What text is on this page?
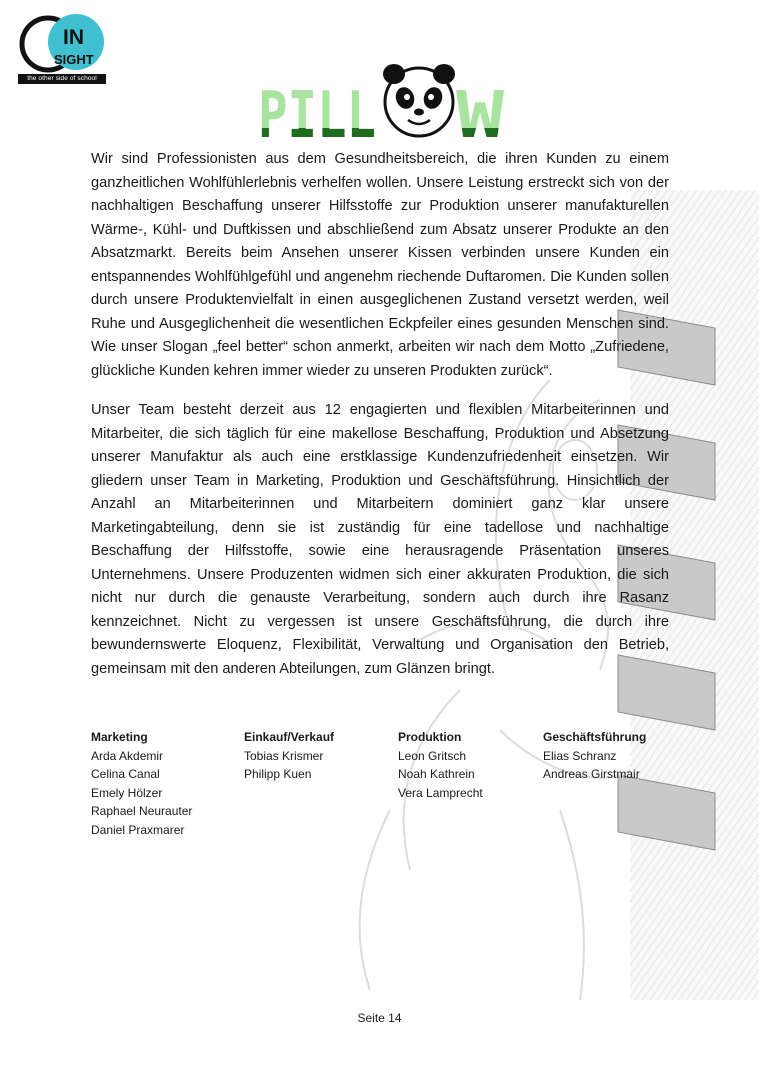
IN
SIGHT
the other side of school
PILL W

Wir sind Professionisten aus dem Gesundheitsbereich, die ihren Kunden zu einem ganzheitlichen Wohlfühlerlebnis verhelfen wollen. Unsere Leistung erstreckt sich von der nachhaltigen Beschaffung unserer Hilfsstoffe zur Produktion unserer manufakturellen Wärme-, Kühl- und Duftkissen und abschließend zum Absatz unserer Produkte an den Absatzmarkt. Bereits beim Ansehen unserer Kissen verbinden unsere Kunden ein entspannendes Wohlfühlgefühl und angenehm riechende Duftaromen. Die Kunden sollen durch unsere Produktenvielfalt in einen ausgeglichenen Zustand versetzt werden, weil Ruhe und Ausgeglichenheit die wesentlichen Eckpfeiler eines gesunden Menschen sind. Wie unser Slogan „feel better“ schon anmerkt, arbeiten wir nach dem Motto „Zufriedene, glückliche Kunden kehren immer wieder zu unseren Produkten zurück“.

Unser Team besteht derzeit aus 12 engagierten und flexiblen Mitarbeiterinnen und Mitarbeiter, die sich täglich für eine makellose Beschaffung, Produktion und Absetzung unserer Manufaktur als auch eine erstklassige Kundenzufriedenheit einsetzen. Wir gliedern unser Team in Marketing, Produktion und Geschäftsführung. Hinsichtlich der Anzahl an Mitarbeiterinnen und Mitarbeitern dominiert ganz klar unsere Marketingabteilung, denn sie ist zuständig für eine tadellose und nachhaltige Beschaffung der Hilfsstoffe, sowie eine herausragende Präsentation unseres Unternehmens. Unsere Produzenten widmen sich einer akkuraten Produktion, die sich nicht nur durch die genauste Verarbeitung, sondern auch durch ihre Rasanz kennzeichnet. Nicht zu vergessen ist unsere Geschäftsführung, die durch ihre bewundernswerte Eloquenz, Flexibilität, Verwaltung und Organisation den Betrieb, gemeinsam mit den anderen Abteilungen, zum Glänzen bringt.

Marketing
Arda Akdemir
Celina Canal
Emely Hölzer
Raphael Neurauter
Daniel Praxmarer
Einkauf/Verkauf
Tobias Krismer
Philipp Kuen
Produktion
Leon Gritsch
Noah Kathrein
Vera Lamprecht
Geschäftsführung
Elias Schranz
Andreas Girstmair
Seite 14
